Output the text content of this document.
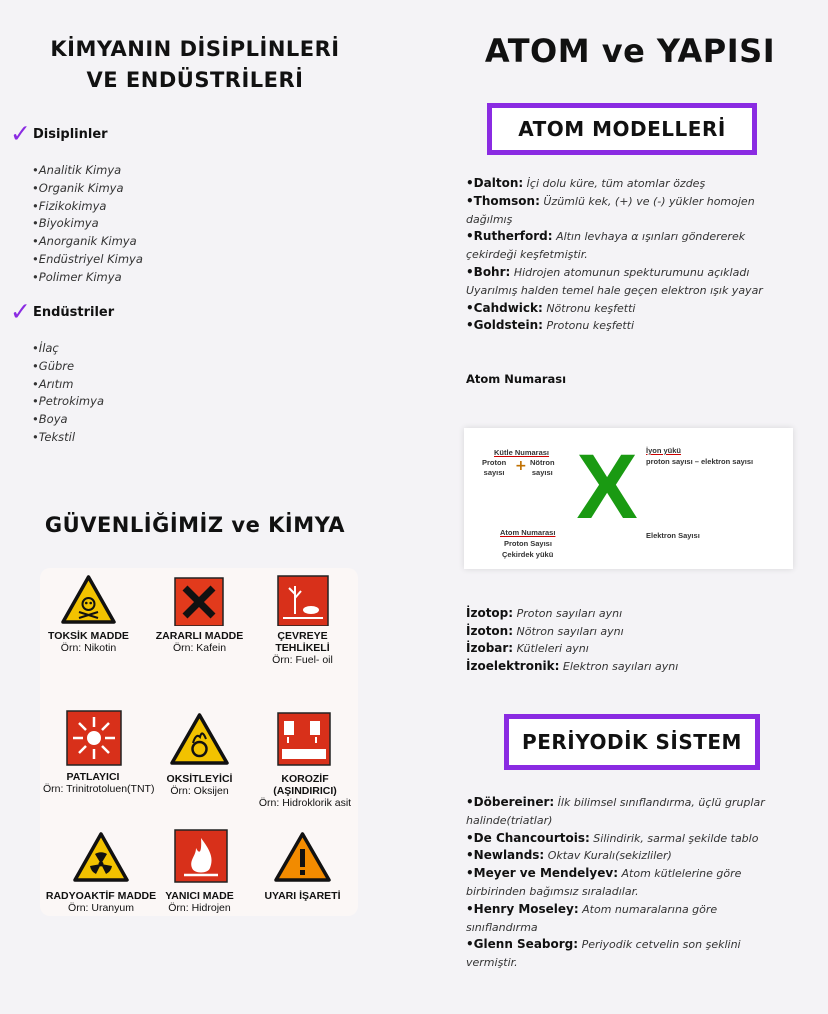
KİMYANIN DİSİPLİNLERİ
VE ENDÜSTRİLERİ
✓ Disiplinler
• Analitik Kimya
• Organik Kimya
• Fizikokimya
• Biyokimya
• Anorganik Kimya
• Endüstriyel Kimya
• Polimer Kimya
✓ Endüstriler
• İlaç
• Gübre
• Arıtım
• Petrokimya
• Boya
• Tekstil
GÜVENLİĞİMİZ ve KİMYA
TOKSİK MADDE
Örn: Nikotin
ZARARLI MADDE
Örn: Kafein
ÇEVREYE TEHLİKELİ
Örn: Fuel- oil
PATLAYICI
Örn: Trinitrotoluen(TNT)
OKSİTLEYİCİ
Örn: Oksijen
KOROZİF (AŞINDIRICI)
Örn: Hidroklorik asit
RADYOAKTİF MADDE
Örn: Uranyum
YANICI MADE
Örn: Hidrojen
UYARI İŞARETİ
ATOM ve YAPISI
ATOM MODELLERİ
•Dalton: İçi dolu küre, tüm atomlar özdeş
•Thomson: Üzümlü kek, (+) ve (-) yükler homojen
dağılmış
•Rutherford: Altın levhaya α ışınları göndererek
çekirdeği keşfetmiştir.
•Bohr: Hidrojen atomunun spekturumunu açıkladı
Uyarılmış halden temel hale geçen elektron ışık yayar
•Cahdwick: Nötronu keşfetti
•Goldstein: Protonu keşfetti
Atom Numarası
X
Kütle Numarası
Proton
sayısı + Nötron
sayısı
İyon yükü
proton sayısı – elektron sayısı
Atom Numarası
Proton Sayısı
Çekirdek yükü
Elektron Sayısı
İzotop: Proton sayıları aynı
İzoton: Nötron sayıları aynı
İzobar: Kütleleri aynı
İzoelektronik: Elektron sayıları aynı
PERİYODİK SİSTEM
•Döbereiner: İlk bilimsel sınıflandırma, üçlü gruplar
halinde(triatlar)
•De Chancourtois: Silindirik, sarmal şekilde tablo
•Newlands: Oktav Kuralı(sekizliler)
•Meyer ve Mendelyev: Atom kütlelerine göre
birbirinden bağımsız sıraladılar.
•Henry Moseley: Atom numaralarına göre
sınıflandırma
•Glenn Seaborg: Periyodik cetvelin son şeklini
vermiştir.
